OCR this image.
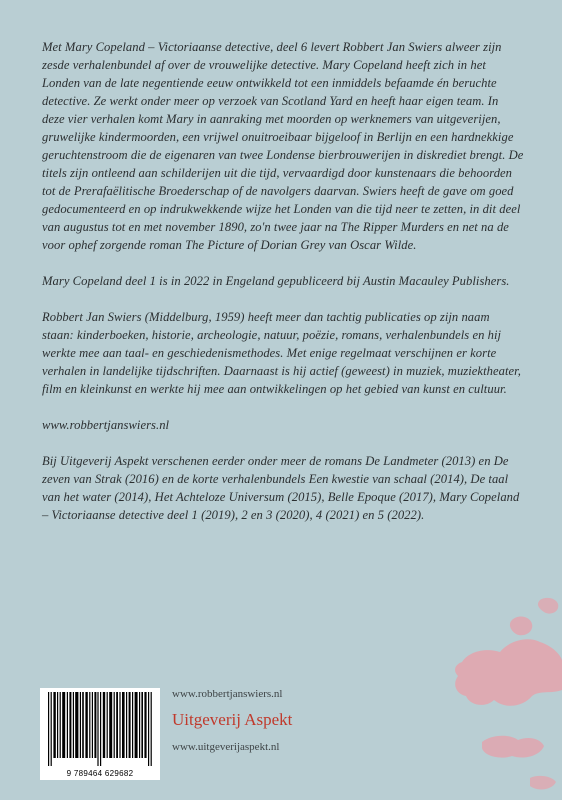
Met Mary Copeland – Victoriaanse detective, deel 6 levert Robbert Jan Swiers alweer zijn zesde verhalenbundel af over de vrouwelijke detective. Mary Copeland heeft zich in het Londen van de late negentiende eeuw ontwikkeld tot een inmiddels befaamde én beruchte detective. Ze werkt onder meer op verzoek van Scotland Yard en heeft haar eigen team. In deze vier verhalen komt Mary in aanraking met moorden op werknemers van uitgeverijen, gruwelijke kindermoorden, een vrijwel onuitroeibaar bijgeloof in Berlijn en een hardnekkige geruchtenstroom die de eigenaren van twee Londense bierbrouwerijen in diskrediet brengt. De titels zijn ontleend aan schilderijen uit die tijd, vervaardigd door kunstenaars die behoorden tot de Prerafaëlitische Broederschap of de navolgers daarvan. Swiers heeft de gave om goed gedocumenteerd en op indrukwekkende wijze het Londen van die tijd neer te zetten, in dit deel van augustus tot en met november 1890, zo'n twee jaar na The Ripper Murders en net na de voor ophef zorgende roman The Picture of Dorian Grey van Oscar Wilde.

Mary Copeland deel 1 is in 2022 in Engeland gepubliceerd bij Austin Macauley Publishers.

Robbert Jan Swiers (Middelburg, 1959) heeft meer dan tachtig publicaties op zijn naam staan: kinderboeken, historie, archeologie, natuur, poëzie, romans, verhalenbundels en hij werkte mee aan taal- en geschiedenismethodes. Met enige regelmaat verschijnen er korte verhalen in landelijke tijdschriften. Daarnaast is hij actief (geweest) in muziek, muziektheater, film en kleinkunst en werkte hij mee aan ontwikkelingen op het gebied van kunst en cultuur.

www.robbertjanswiers.nl

Bij Uitgeverij Aspekt verschenen eerder onder meer de romans De Landmeter (2013) en De zeven van Strak (2016) en de korte verhalenbundels Een kwestie van schaal (2014), De taal van het water (2014), Het Achteloze Universum (2015), Belle Epoque (2017), Mary Copeland – Victoriaanse detective deel 1 (2019), 2 en 3 (2020), 4 (2021) en 5 (2022).

9 789464 629682
www.robbertjanswiers.nl
Uitgeverij Aspekt
www.uitgeverijaspekt.nl
